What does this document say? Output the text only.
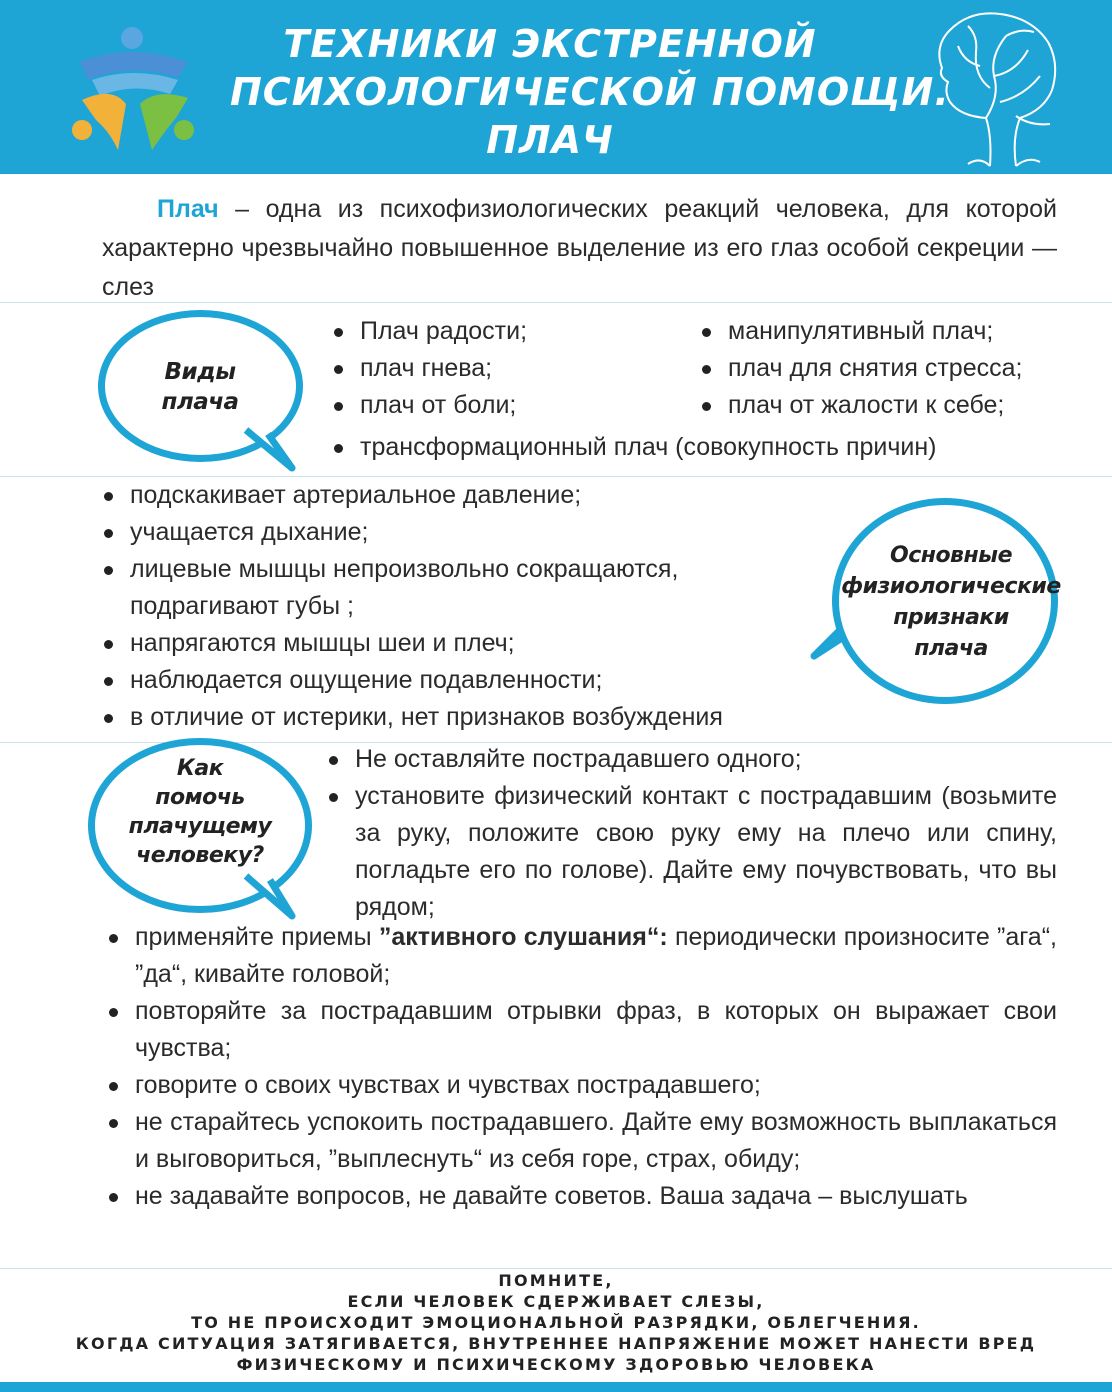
ТЕХНИКИ ЭКСТРЕННОЙ
ПСИХОЛОГИЧЕСКОЙ ПОМОЩИ.
ПЛАЧ
Плач – одна из психофизиологических реакций человека, для которой характерно чрезвычайно повышенное выделение из его глаз особой секреции — слез
Виды
плача
Плач радости;
плач гнева;
плач от боли;
манипулятивный плач;
плач для снятия стресса;
плач от жалости к себе;
трансформационный плач (совокупность причин)
подскакивает артериальное давление;
учащается дыхание;
лицевые мышцы непроизвольно сокращаются, подрагивают губы ;
напрягаются мышцы шеи и плеч;
наблюдается ощущение подавленности;
в отличие от истерики, нет признаков возбуждения
Основные
физиологические
признаки
плача
Как
помочь
плачущему
человеку?
Не оставляйте пострадавшего одного;
установите физический контакт с пострадавшим (возьмите за руку, положите свою руку ему на плечо или спину, погладьте его по голове). Дайте ему почувствовать, что вы рядом;
применяйте приемы ”активного слушания“: периодически произносите ”ага“, ”да“, кивайте головой;
повторяйте за пострадавшим отрывки фраз, в которых он выражает свои чувства;
говорите о своих чувствах и чувствах пострадавшего;
не старайтесь успокоить пострадавшего. Дайте ему возможность выплакаться и выговориться, ”выплеснуть“ из себя горе, страх, обиду;
не задавайте вопросов, не давайте советов. Ваша задача – выслушать
ПОМНИТЕ,
ЕСЛИ ЧЕЛОВЕК СДЕРЖИВАЕТ СЛЕЗЫ,
ТО НЕ ПРОИСХОДИТ ЭМОЦИОНАЛЬНОЙ РАЗРЯДКИ, ОБЛЕГЧЕНИЯ.
КОГДА СИТУАЦИЯ ЗАТЯГИВАЕТСЯ, ВНУТРЕННЕЕ НАПРЯЖЕНИЕ МОЖЕТ НАНЕСТИ ВРЕД
ФИЗИЧЕСКОМУ И ПСИХИЧЕСКОМУ ЗДОРОВЬЮ ЧЕЛОВЕКА
